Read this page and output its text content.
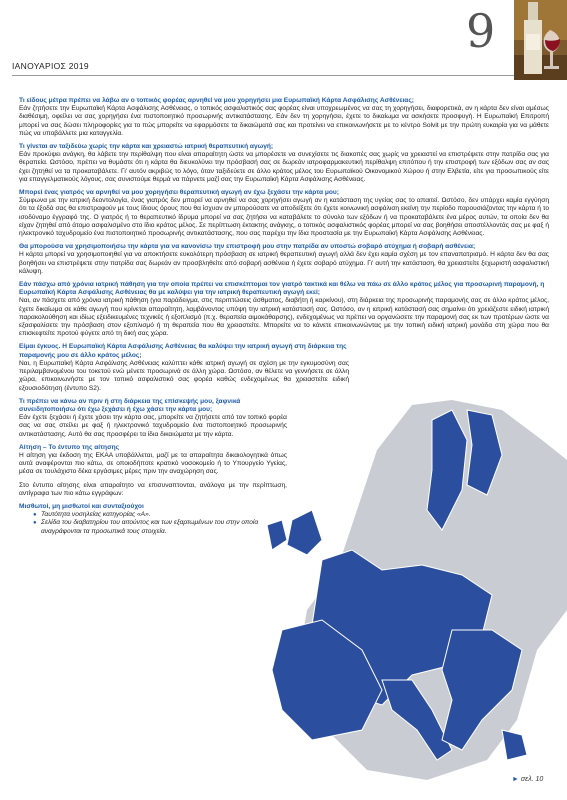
ΙΑΝΟΥΑΡΙΟΣ 2019
9

Τι είδους μέτρα πρέπει να λάβω αν ο τοπικός φορέας αρνηθεί να μου χορηγήσει μια Ευρωπαϊκή Κάρτα Ασφάλισης Ασθένειας;

Εάν ζητήσετε την Ευρωπαϊκή Κάρτα Ασφάλισης Ασθένειας, ο τοπικός ασφαλιστικός σας φορέας είναι υποχρεωμένος να σας τη χορηγήσει, διαφορετικά, αν η κάρτα δεν είναι αμέσως διαθέσιμη, οφείλει να σας χορηγήσει ένα πιστοποιητικό προσωρινής αντικατάστασης. Εάν δεν τη χορηγήσει, έχετε το δικαίωμα να ασκήσετε προσφυγή. Η Ευρωπαϊκή Επιτροπή μπορεί να σας δώσει πληροφορίες για το πώς μπορείτε να εφαρμόσετε τα δικαιώματά σας και προτείνει να επικοινωνήσετε με το κέντρο Solvit με την πρώτη ευκαιρία για να μάθετε πώς να υποβάλλετε μια καταγγελία.

Τι γίνεται αν ταξιδεύω χωρίς την κάρτα και χρειαστώ ιατρική θεραπευτική αγωγή;

Εάν προκύψει ανάγκη, θα λάβετε την περίθαλψη που είναι απαραίτητη ώστε να μπορέσετε να συνεχίσετε τις διακοπές σας χωρίς να χρειαστεί να επιστρέψετε στην πατρίδα σας για θεραπεία. Ωστόσο, πρέπει να θυμάστε ότι η κάρτα θα διευκολύνει την πρόσβασή σας σε δωρεάν ιατροφαρμακευτική περίθαλψη επιτόπου ή την επιστροφή των εξόδων σας αν σας έχει ζητηθεί να τα προκαταβάλετε. Γι' αυτόν ακριβώς το λόγο, όταν ταξιδεύετε σε άλλο κράτος μέλος του Ευρωπαϊκού Οικονομικού Χώρου ή στην Ελβετία, είτε για προσωπικούς είτε για επαγγελματικούς λόγους, σας συνιστούμε θερμά να πάρνετε μαζί σας την Ευρωπαϊκή Κάρτα Ασφάλισης Ασθένειας.

Μπορεί ένας γιατρός να αρνηθεί να μου χορηγήσει θεραπευτική αγωγή αν έχω ξεχάσει την κάρτα μου;

Σύμφωνα με την ιατρική δεοντολογία, ένας γιατρός δεν μπορεί να αρνηθεί να σας χορηγήσει αγωγή αν η κατάσταση της υγείας σας το απαιτεί. Ωστόσο, δεν υπάρχει καμία εγγύηση ότι τα έξοδά σας θα επιστραφούν με τους ίδιους όρους που θα ίσχυαν αν μπορούσατε να αποδείξετε ότι έχετε κοινωνική ασφάλιση εκείνη την περίοδο παρουσιάζοντας την κάρτα ή το ισοδύναμο έγγραφό της. Ο γιατρός ή το θεραπευτικό ίδρυμα μπορεί να σας ζητήσει να καταβάλετε το σύνολο των εξόδων ή να προκαταβάλετε ένα μέρος αυτών, τα οποία δεν θα είχαν ζητηθεί από άτομο ασφαλισμένο στο ίδιο κράτος μέλος. Σε περίπτωση έκτακτης ανάγκης, ο τοπικός ασφαλιστικός φορέας μπορεί να σας βοηθήσει αποστέλλοντάς σας με φαξ ή ηλεκτρονικό ταχυδρομείο ένα πιστοποιητικό προσωρινής αντικατάστασης, που σας παρέχει την ίδια προστασία με την Ευρωπαϊκή Κάρτα Ασφάλισης Ασθένειας.

Θα μπορούσα να χρησιμοποιήσω την κάρτα για να κανονίσω την επιστροφή μου στην πατρίδα αν υποστώ σοβαρό ατύχημα ή σοβαρή ασθένεια;

Η κάρτα μπορεί να χρησιμοποιηθεί για να αποκτήσετε ευκολότερη πρόσβαση σε ιατρική θεραπευτική αγωγή αλλά δεν έχει καμία σχέση με τον επαναπατρισμό. Η κάρτα δεν θα σας βοηθήσει να επιστρέψετε στην πατρίδα σας δωρεάν αν προσβληθείτε από σοβαρή ασθένεια ή έχετε σοβαρό ατύχημα. Γι' αυτή την κατάσταση, θα χρειαστείτε ξεχωριστή ασφαλιστική κάλυψη.

Εάν πάσχω από χρόνια ιατρική πάθηση για την οποία πρέπει να επισκέπτομαι τον γιατρό τακτικά και θέλω να πάω σε άλλο κράτος μέλος για προσωρινή παραμονή, η Ευρωπαϊκή Κάρτα Ασφάλισης Ασθένειας θα με καλύψει για την ιατρική θεραπευτική αγωγή εκεί;

Ναι, αν πάσχετε από χρόνια ιατρική πάθηση (για παράδειγμα, στις περιπτώσεις άσθματος, διαβήτη ή καρκίνου), στη διάρκεια της προσωρινής παραμονής σας σε άλλο κράτος μέλος, έχετε δικαίωμα σε κάθε αγωγή που κρίνεται απαραίτητη, λαμβάνοντας υπόψη την ιατρική κατάστασή σας. Ωστόσο, αν η ιατρική κατάστασή σας σημαίνει ότι χρειάζεστε ειδική ιατρική παρακολούθηση και ιδίως εξειδικευμένες τεχνικές ή εξοπλισμό (π.χ. θεραπεία αιμοκάθαρσης), ενδεχομένως να πρέπει να οργανώσετε την παραμονή σας εκ των προτέρων ώστε να εξασφαλίσετε την πρόσβαση στον εξοπλισμό ή τη θεραπεία που θα χρειαστείτε. Μπορείτε να το κάνετε επικοινωνώντας με την τοπική ειδική ιατρική μονάδα στη χώρα που θα επισκεφτείτε προτού φύγετε από τη δική σας χώρα.

Είμαι έγκυος. Η Ευρωπαϊκή Κάρτα Ασφάλισης Ασθένειας θα καλύψει την ιατρική αγωγή στη διάρκεια της παραμονής μου σε άλλο κράτος μέλος;

Ναι, η Ευρωπαϊκή Κάρτα Ασφάλισης Ασθένειας καλύπτει κάθε ιατρική αγωγή σε σχέση με την εγκυμοσύνη σας περιλαμβανομένου του τοκετού ενώ μένετε προσωρινά σε άλλη χώρα. Ωστόσο, αν θέλετε να γεννήσετε σε άλλη χώρα, επικοινωνήστε με τον τοπικό ασφαλιστικό σας φορέα καθώς ενδεχομένως θα χρειαστείτε ειδική εξουσιοδότηση (έντυπο S2).

Τι πρέπει να κάνω αν πριν ή στη διάρκεια της επίσκεψής μου, ξαφνικά συνειδητοποιήσω ότι έχω ξεχάσει ή έχω χάσει την κάρτα μου;

Εάν έχετε ξεχάσει ή έχετε χάσει την κάρτα σας, μπορείτε να ζητήσετε από τον τοπικό φορέα σας να σας στείλει με φαξ ή ηλεκτρονικό ταχυδρομείο ένα πιστοποιητικό προσωρινής αντικατάστασης. Αυτό θα σας προσφέρει τα ίδια δικαιώματα με την κάρτα.

Αίτηση – Το έντυπο της αίτησης

Η αίτηση για έκδοση της ΕΚΑΑ υποβάλλεται, μαζί με τα απαραίτητα δικαιολογητικά όπως αυτά αναφέρονται πιο κάτω, σε οποιοδήποτε κρατικό νοσοκομείο ή το Υπουργείο Υγείας, μέσα σε τουλάχιστο δέκα εργάσιμες μέρες πριν την αναχώρηση σας.

Στο έντυπο αίτησης είναι απαραίτητο να επισυναπτονται, ανάλογα με την περίπτωση, αντίγραφα των πιο κάτω εγγράφων:

Μισθωτοί, μη μισθωτοί και συνταξιούχοι

● Ταυτότητα νοσηλείας κατηγορίας «Α».
● Σελίδα του διαβατηρίου του αιτούντος και των εξαρτωμένων του στην οποία αναγράφονται τα προσωπικά τους στοιχεία.
► σελ. 10
